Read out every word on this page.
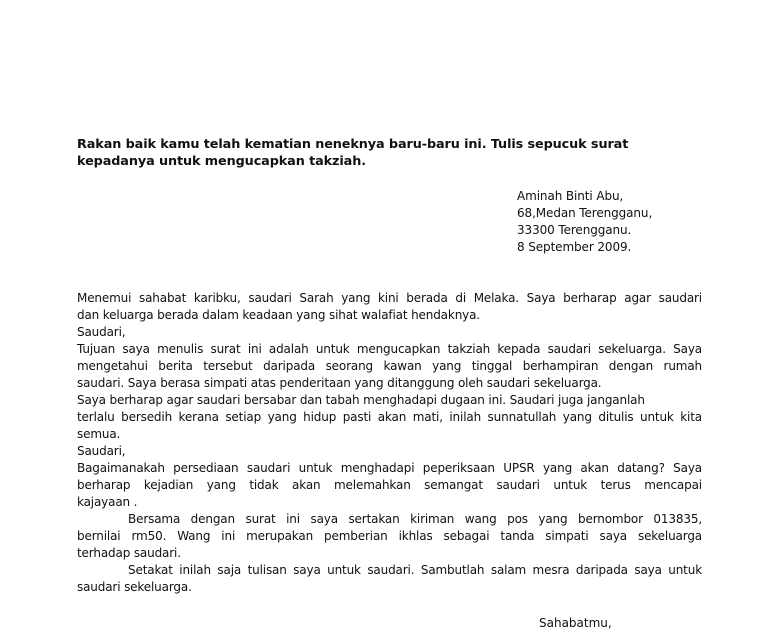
Rakan baik kamu telah kematian neneknya baru-baru ini. Tulis sepucuk surat
kepadanya untuk mengucapkan takziah.
Aminah Binti Abu,
68,Medan Terengganu,
33300 Terengganu.
8 September 2009.
Menemui sahabat karibku, saudari Sarah yang kini berada di Melaka. Saya berharap agar saudari
dan keluarga berada dalam keadaan yang sihat walafiat hendaknya.
Saudari,
Tujuan saya menulis surat ini adalah untuk mengucapkan takziah kepada saudari sekeluarga. Saya
mengetahui berita tersebut daripada seorang kawan yang tinggal berhampiran dengan rumah
saudari. Saya berasa simpati atas penderitaan yang ditanggung oleh saudari sekeluarga.
Saya berharap agar saudari bersabar dan tabah menghadapi dugaan ini. Saudari juga janganlah
terlalu bersedih kerana setiap yang hidup pasti akan mati, inilah sunnatullah yang ditulis untuk kita
semua.
Saudari,
Bagaimanakah persediaan saudari untuk menghadapi peperiksaan UPSR yang akan datang? Saya
berharap kejadian yang tidak akan melemahkan semangat saudari untuk terus mencapai
kajayaan .
Bersama dengan surat ini saya sertakan kiriman wang pos yang bernombor 013835,
bernilai rm50. Wang ini merupakan pemberian ikhlas sebagai tanda simpati saya sekeluarga
terhadap saudari.
Setakat inilah saja tulisan saya untuk saudari. Sambutlah salam mesra daripada saya untuk
saudari sekeluarga.
Sahabatmu,
